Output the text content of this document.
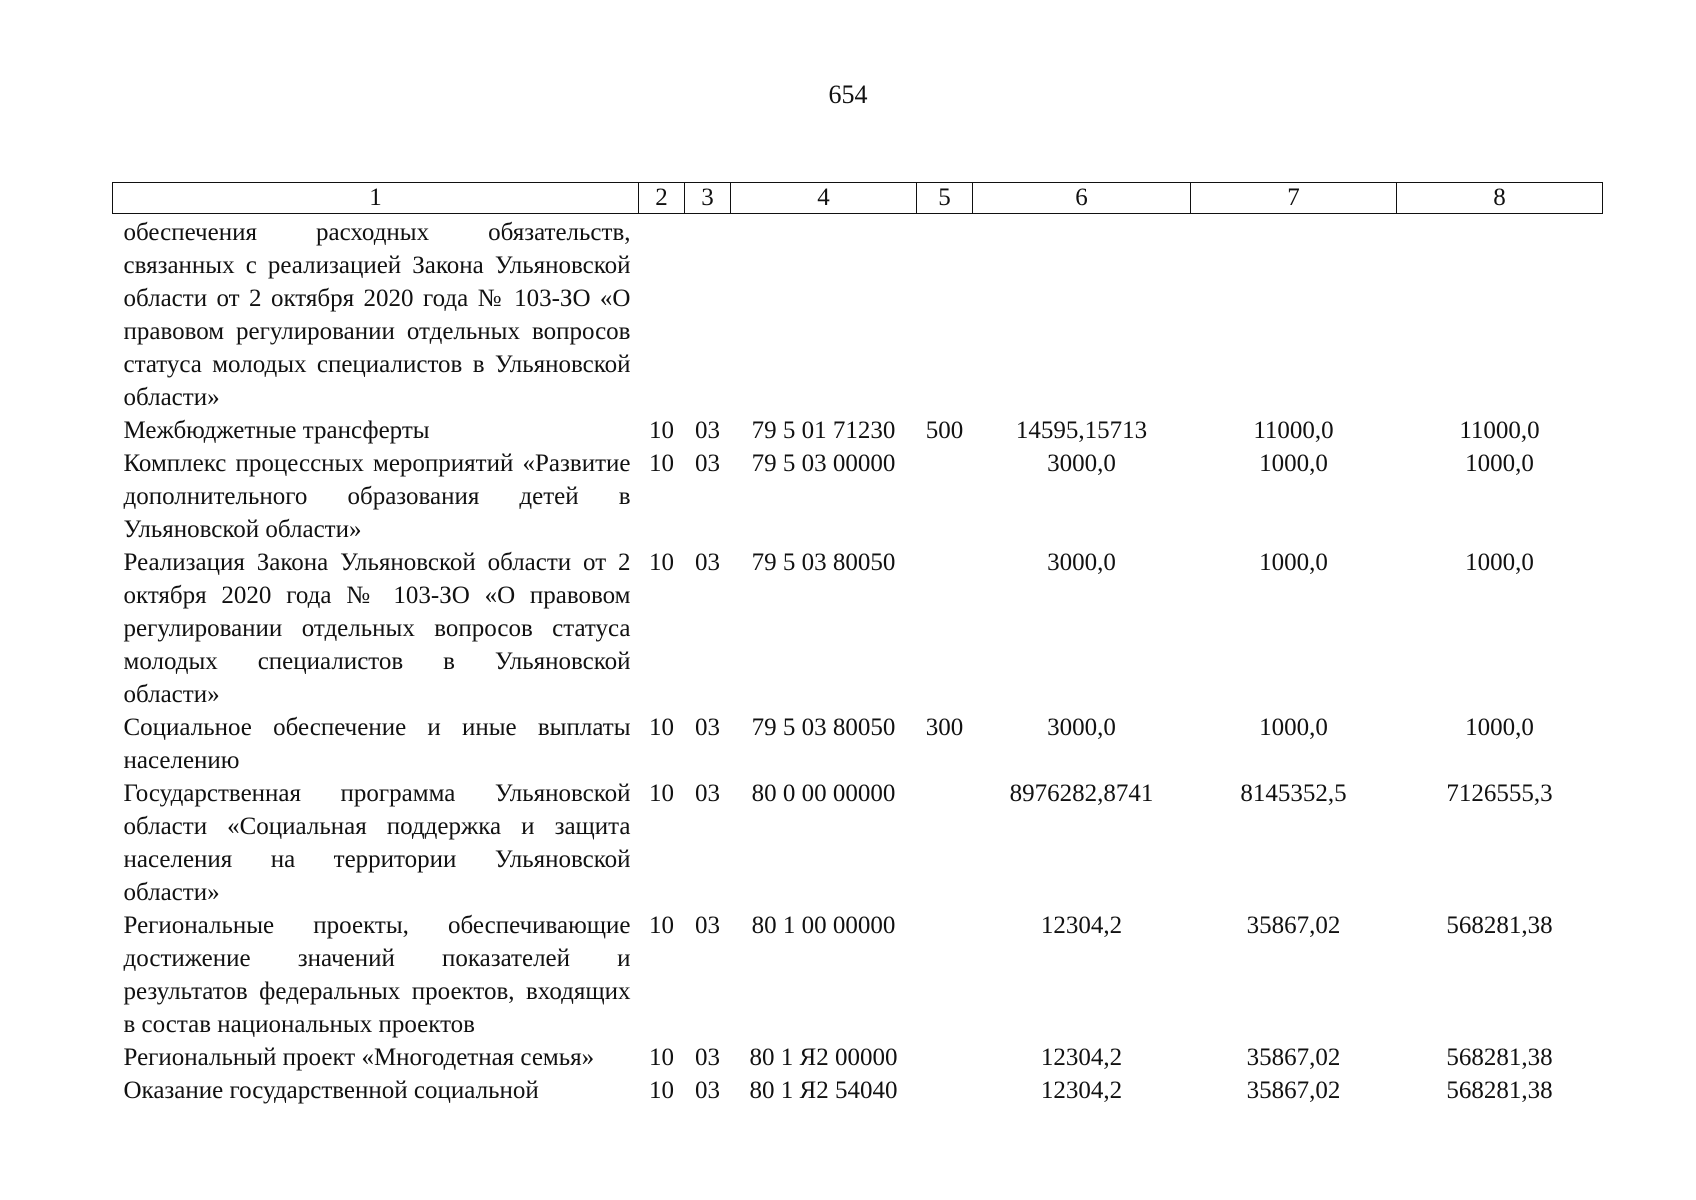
654
1	2	3	4	5	6	7	8
обеспечения расходных обязательств, связанных с реализацией Закона Ульяновской области от 2 октября 2020 года № 103-ЗО «О правовом регулировании отдельных вопросов статуса молодых специалистов в Ульяновской области»							
Межбюджетные трансферты	10	03	79 5 01 71230	500	14595,15713	11000,0	11000,0
Комплекс процессных мероприятий «Развитие дополнительного образования детей в Ульяновской области»	10	03	79 5 03 00000		3000,0	1000,0	1000,0
Реализация Закона Ульяновской области от 2 октября 2020 года № 103-ЗО «О правовом регулировании отдельных вопросов статуса молодых специалистов в Ульяновской области»	10	03	79 5 03 80050		3000,0	1000,0	1000,0
Социальное обеспечение и иные выплаты населению	10	03	79 5 03 80050	300	3000,0	1000,0	1000,0
Государственная программа Ульяновской области «Социальная поддержка и защита населения на территории Ульяновской области»	10	03	80 0 00 00000		8976282,8741	8145352,5	7126555,3
Региональные проекты, обеспечивающие достижение значений показателей и результатов федеральных проектов, входящих в состав национальных проектов	10	03	80 1 00 00000		12304,2	35867,02	568281,38
Региональный проект «Многодетная семья»	10	03	80 1 Я2 00000		12304,2	35867,02	568281,38
Оказание государственной социальной	10	03	80 1 Я2 54040		12304,2	35867,02	568281,38
